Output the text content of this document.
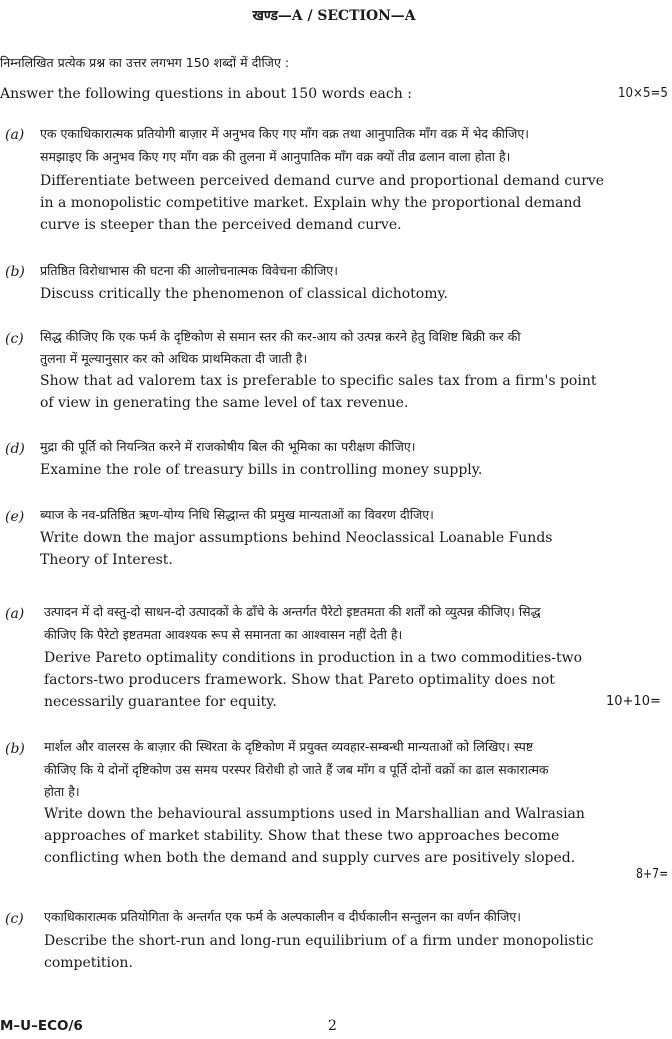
खण्ड—A / SECTION—A
निम्नलिखित प्रत्येक प्रश्न का उत्तर लगभग 150 शब्दों में दीजिए :
Answer the following questions in about 150 words each :	10×5=5
(a) एक एकाधिकारात्मक प्रतियोगी बाज़ार में अनुभव किए गए माँग वक्र तथा आनुपातिक माँग वक्र में भेद कीजिए।
समझाइए कि अनुभव किए गए माँग वक्र की तुलना में आनुपातिक माँग वक्र क्यों तीव्र ढलान वाला होता है।
Differentiate between perceived demand curve and proportional demand curve
in a monopolistic competitive market. Explain why the proportional demand
curve is steeper than the perceived demand curve.
(b) प्रतिष्ठित विरोधाभास की घटना की आलोचनात्मक विवेचना कीजिए।
Discuss critically the phenomenon of classical dichotomy.
(c) सिद्ध कीजिए कि एक फर्म के दृष्टिकोण से समान स्तर की कर-आय को उत्पन्न करने हेतु विशिष्ट बिक्री कर की
तुलना में मूल्यानुसार कर को अधिक प्राथमिकता दी जाती है।
Show that ad valorem tax is preferable to specific sales tax from a firm's point
of view in generating the same level of tax revenue.
(d) मुद्रा की पूर्ति को नियन्त्रित करने में राजकोषीय बिल की भूमिका का परीक्षण कीजिए।
Examine the role of treasury bills in controlling money supply.
(e) ब्याज के नव-प्रतिष्ठित ऋण-योग्य निधि सिद्धान्त की प्रमुख मान्यताओं का विवरण दीजिए।
Write down the major assumptions behind Neoclassical Loanable Funds
Theory of Interest.
(a) उत्पादन में दो वस्तु-दो साधन-दो उत्पादकों के ढाँचे के अन्तर्गत पैरेटो इष्टतमता की शर्तों को व्युत्पन्न कीजिए। सिद्ध
कीजिए कि पैरेटो इष्टतमता आवश्यक रूप से समानता का आश्वासन नहीं देती है।
Derive Pareto optimality conditions in production in a two commodities-two
factors-two producers framework. Show that Pareto optimality does not
necessarily guarantee for equity.	10+10=
(b) मार्शल और वालरस के बाज़ार की स्थिरता के दृष्टिकोण में प्रयुक्त व्यवहार-सम्बन्धी मान्यताओं को लिखिए। स्पष्ट
कीजिए कि ये दोनों दृष्टिकोण उस समय परस्पर विरोधी हो जाते हैं जब माँग व पूर्ति दोनों वक्रों का ढाल सकारात्मक
होता है।
Write down the behavioural assumptions used in Marshallian and Walrasian
approaches of market stability. Show that these two approaches become
conflicting when both the demand and supply curves are positively sloped.
8+7=
(c) एकाधिकारात्मक प्रतियोगिता के अन्तर्गत एक फर्म के अल्पकालीन व दीर्घकालीन सन्तुलन का वर्णन कीजिए।
Describe the short-run and long-run equilibrium of a firm under monopolistic
competition.
M–U–ECO/6	2
